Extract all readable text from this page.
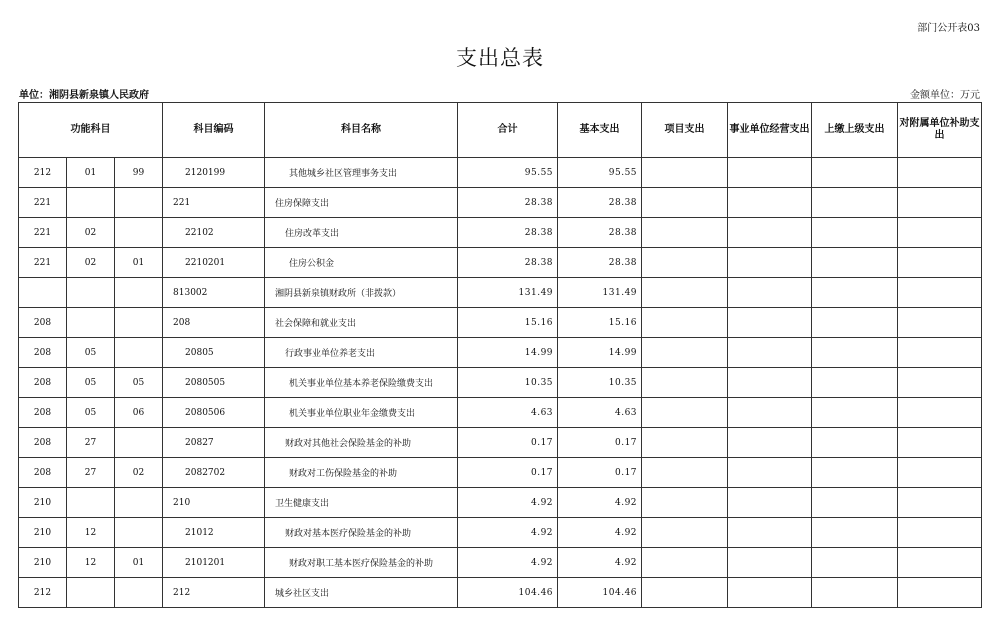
部门公开表03
支出总表
单位：湘阴县新泉镇人民政府	金额单位：万元
功能科目			科目编码	科目名称	合计	基本支出	项目支出	事业单位经营支出	上缴上级支出	对附属单位补助支出
212	01	99	2120199	其他城乡社区管理事务支出	95.55	95.55				
221			221	住房保障支出	28.38	28.38				
221	02		22102	住房改革支出	28.38	28.38				
221	02	01	2210201	住房公积金	28.38	28.38				
			813002	湘阴县新泉镇财政所（非拨款）	131.49	131.49				
208			208	社会保障和就业支出	15.16	15.16				
208	05		20805	行政事业单位养老支出	14.99	14.99				
208	05	05	2080505	机关事业单位基本养老保险缴费支出	10.35	10.35				
208	05	06	2080506	机关事业单位职业年金缴费支出	4.63	4.63				
208	27		20827	财政对其他社会保险基金的补助	0.17	0.17				
208	27	02	2082702	财政对工伤保险基金的补助	0.17	0.17				
210			210	卫生健康支出	4.92	4.92				
210	12		21012	财政对基本医疗保险基金的补助	4.92	4.92				
210	12	01	2101201	财政对职工基本医疗保险基金的补助	4.92	4.92				
212			212	城乡社区支出	104.46	104.46				
